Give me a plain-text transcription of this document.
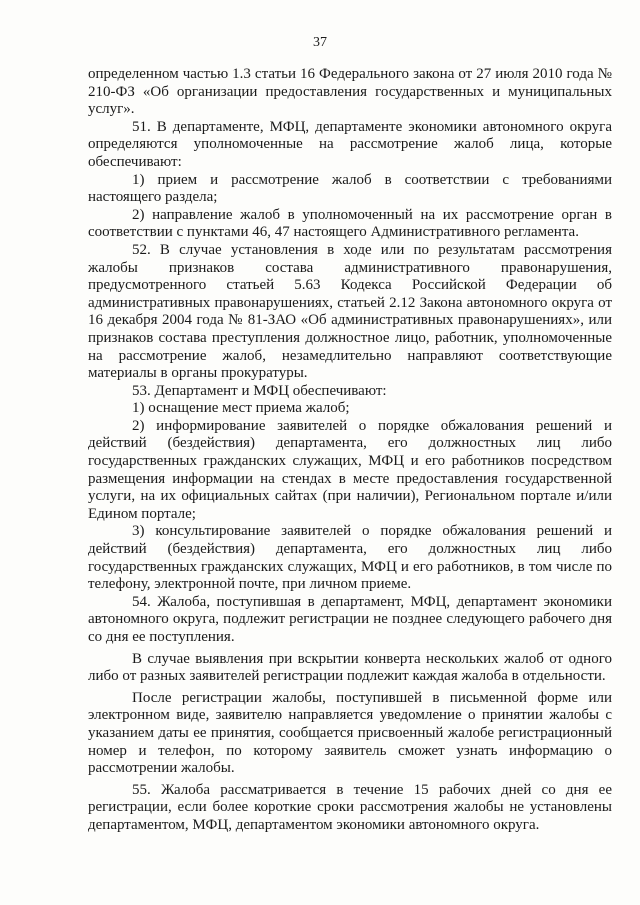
37

определенном частью 1.3 статьи 16 Федерального закона от 27 июля 2010 года № 210-ФЗ «Об организации предоставления государственных и муниципальных услуг».

51. В департаменте, МФЦ, департаменте экономики автономного округа определяются уполномоченные на рассмотрение жалоб лица, которые обеспечивают:

1) прием и рассмотрение жалоб в соответствии с требованиями настоящего раздела;

2) направление жалоб в уполномоченный на их рассмотрение орган в соответствии с пунктами 46, 47 настоящего Административного регламента.

52. В случае установления в ходе или по результатам рассмотрения жалобы признаков состава административного правонарушения, предусмотренного статьей 5.63 Кодекса Российской Федерации об административных правонарушениях, статьей 2.12 Закона автономного округа от 16 декабря 2004 года № 81-ЗАО «Об административных правонарушениях», или признаков состава преступления должностное лицо, работник, уполномоченные на рассмотрение жалоб, незамедлительно направляют соответствующие материалы в органы прокуратуры.

53. Департамент и МФЦ обеспечивают:

1) оснащение мест приема жалоб;

2) информирование заявителей о порядке обжалования решений и действий (бездействия) департамента, его должностных лиц либо государственных гражданских служащих, МФЦ и его работников посредством размещения информации на стендах в месте предоставления государственной услуги, на их официальных сайтах (при наличии), Региональном портале и/или Едином портале;

3) консультирование заявителей о порядке обжалования решений и действий (бездействия) департамента, его должностных лиц либо государственных гражданских служащих, МФЦ и его работников, в том числе по телефону, электронной почте, при личном приеме.

54. Жалоба, поступившая в департамент, МФЦ, департамент экономики автономного округа, подлежит регистрации не позднее следующего рабочего дня со дня ее поступления.

В случае выявления при вскрытии конверта нескольких жалоб от одного либо от разных заявителей регистрации подлежит каждая жалоба в отдельности.

После регистрации жалобы, поступившей в письменной форме или электронном виде, заявителю направляется уведомление о принятии жалобы с указанием даты ее принятия, сообщается присвоенный жалобе регистрационный номер и телефон, по которому заявитель сможет узнать информацию о рассмотрении жалобы.

55. Жалоба рассматривается в течение 15 рабочих дней со дня ее регистрации, если более короткие сроки рассмотрения жалобы не установлены департаментом, МФЦ, департаментом экономики автономного округа.
